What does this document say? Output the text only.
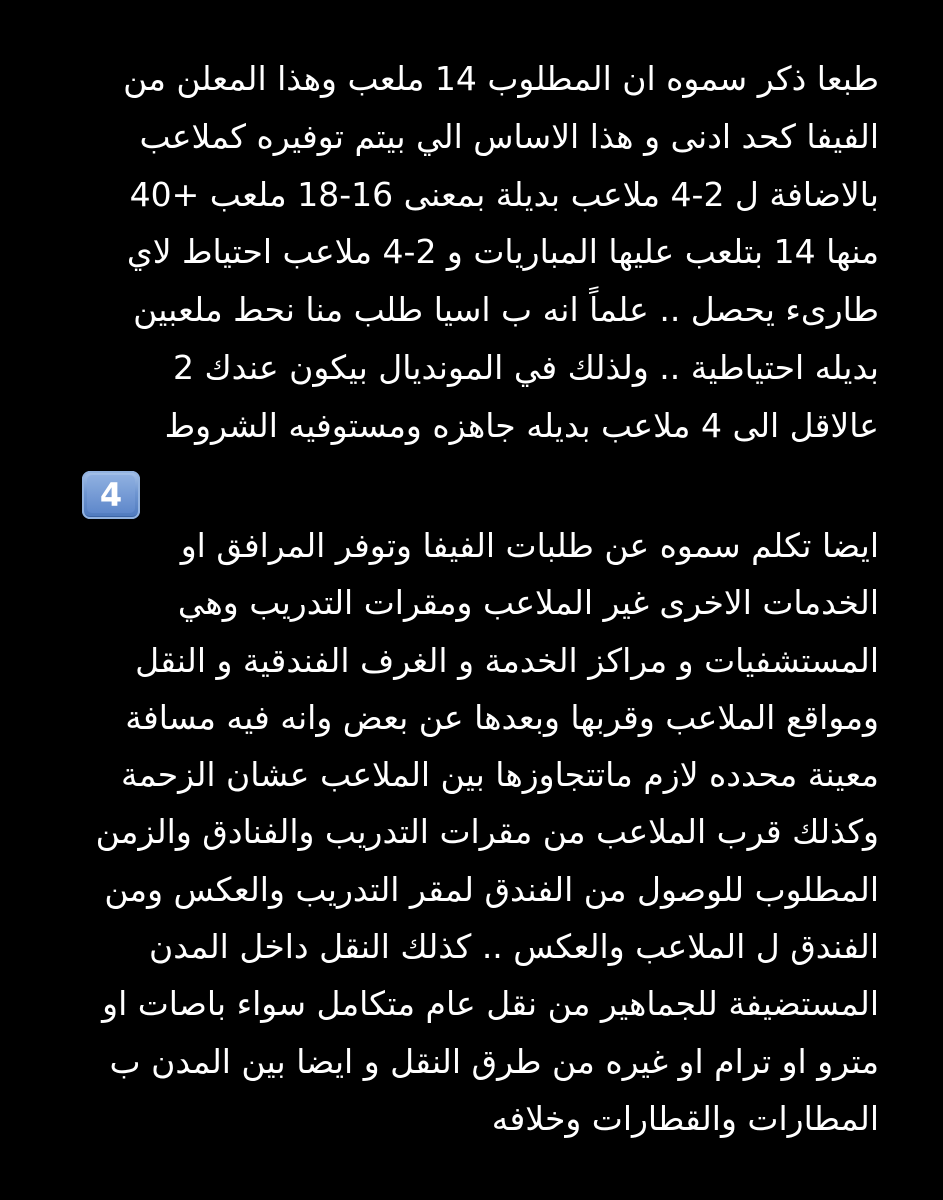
طبعا ذكر سموه ان المطلوب 14 ملعب وهذا المعلن من
الفيفا كحد ادنى و هذا الاساس الي بيتم توفيره كملاعب
بالاضافة ل 2-4 ملاعب بديلة بمعنى 16-18 ملعب +40
منها 14 بتلعب عليها المباريات و 2-4 ملاعب احتياط لاي
طارىء يحصل .. علماً انه ب اسيا طلب منا نحط ملعبين
بديله احتياطية .. ولذلك في المونديال بيكون عندك 2
عالاقل الى 4 ملاعب بديله جاهزه ومستوفيه الشروط
4
ايضا تكلم سموه عن طلبات الفيفا وتوفر المرافق او
الخدمات الاخرى غير الملاعب ومقرات التدريب وهي
المستشفيات و مراكز الخدمة و الغرف الفندقية و النقل
ومواقع الملاعب وقربها وبعدها عن بعض وانه فيه مسافة
معينة محدده لازم ماتتجاوزها بين الملاعب عشان الزحمة
وكذلك قرب الملاعب من مقرات التدريب والفنادق والزمن
المطلوب للوصول من الفندق لمقر التدريب والعكس ومن
الفندق ل الملاعب والعكس .. كذلك النقل داخل المدن
المستضيفة للجماهير من نقل عام متكامل سواء باصات او
مترو او ترام او غيره من طرق النقل و ايضا بين المدن ب
المطارات والقطارات وخلافه
